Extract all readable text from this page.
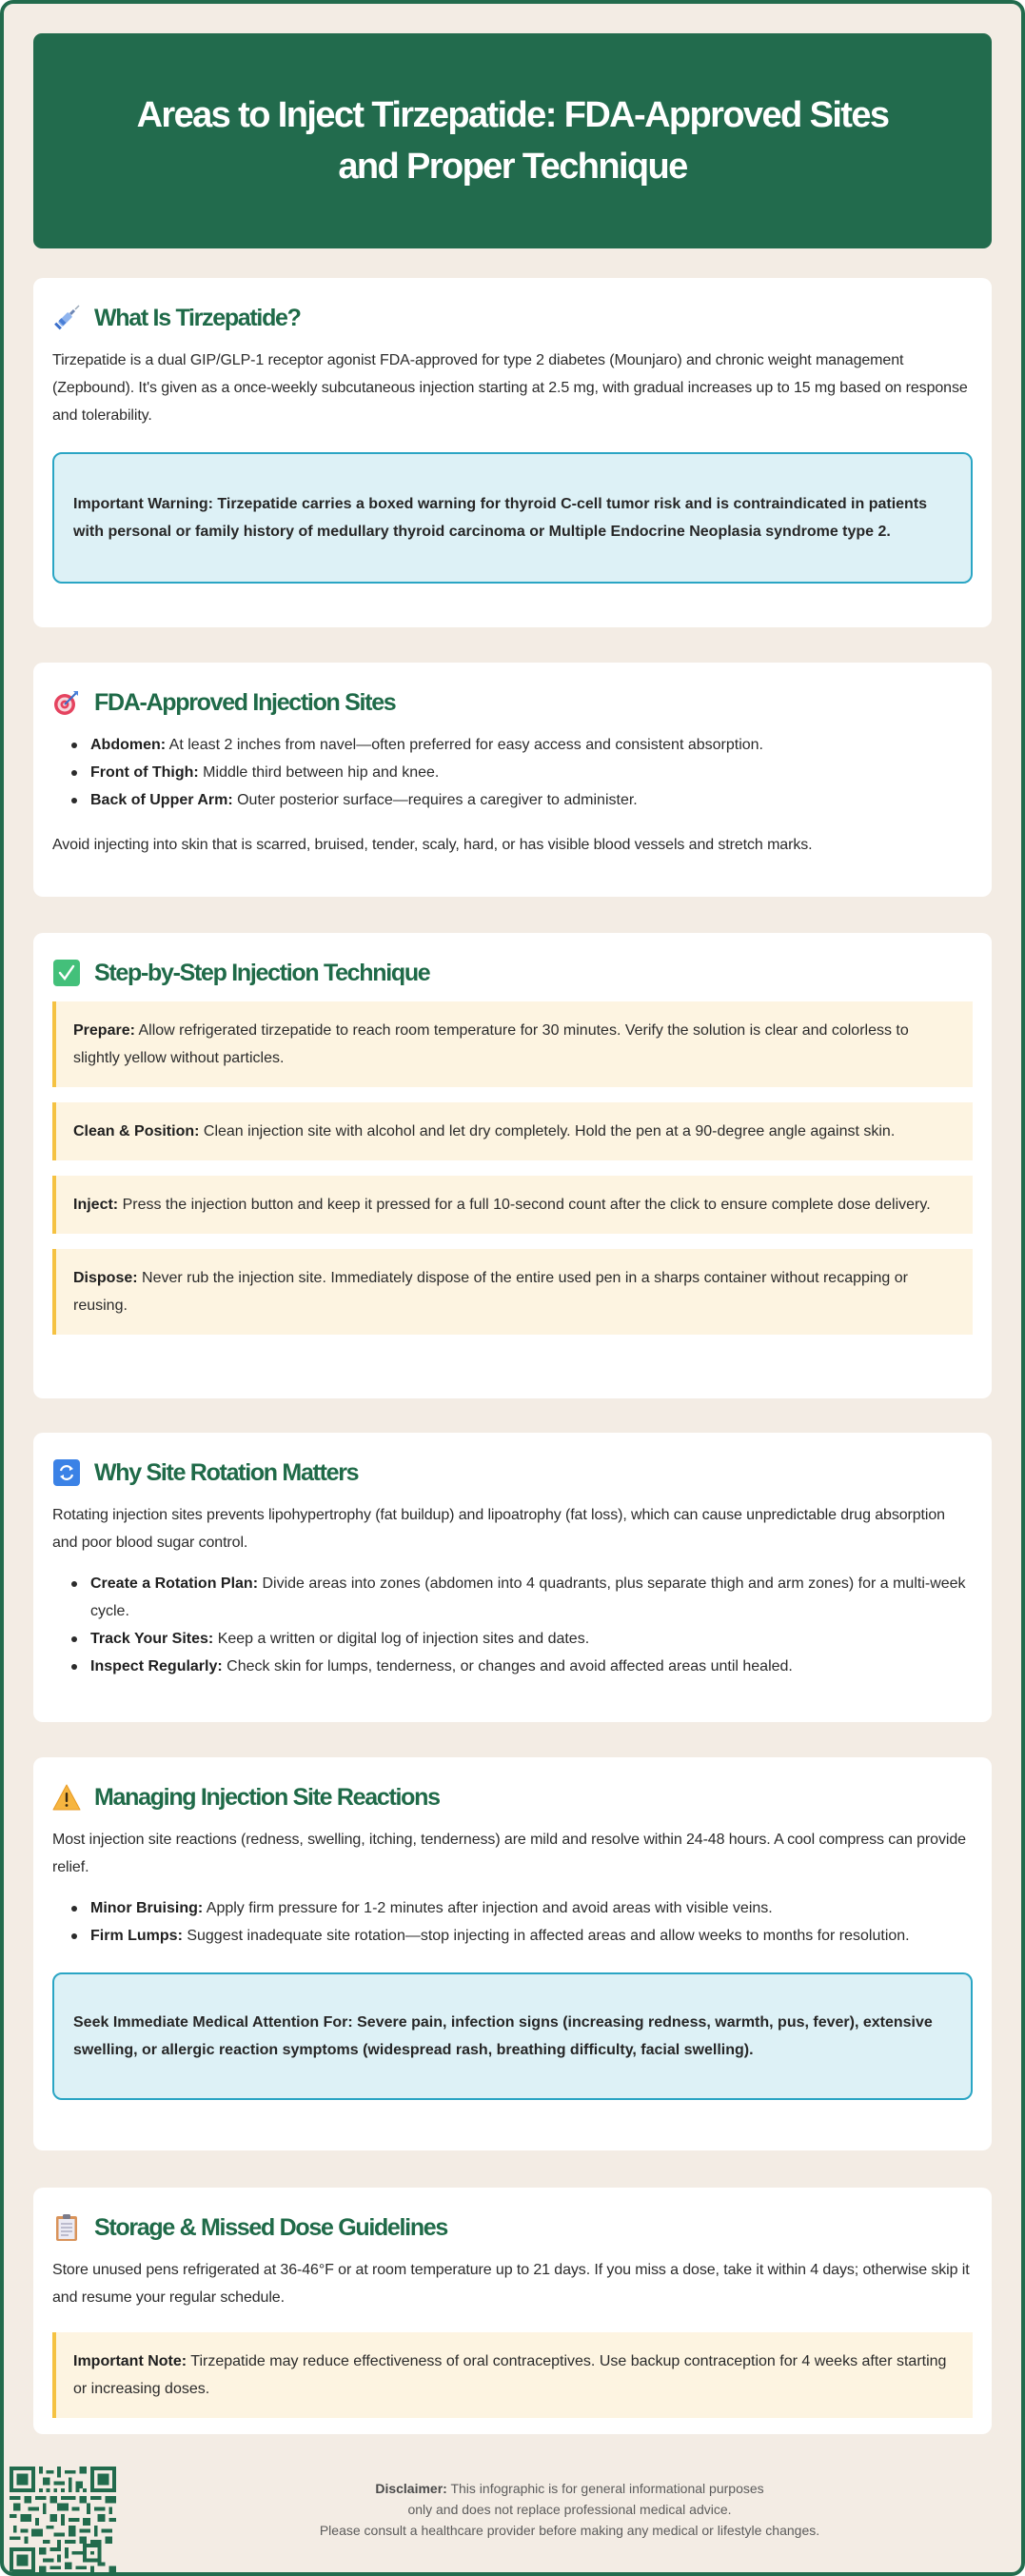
Areas to Inject Tirzepatide: FDA-Approved Sites and Proper Technique
What Is Tirzepatide?

Tirzepatide is a dual GIP/GLP-1 receptor agonist FDA-approved for type 2 diabetes (Mounjaro) and chronic weight management (Zepbound). It's given as a once-weekly subcutaneous injection starting at 2.5 mg, with gradual increases up to 15 mg based on response and tolerability.

Important Warning: Tirzepatide carries a boxed warning for thyroid C-cell tumor risk and is contraindicated in patients with personal or family history of medullary thyroid carcinoma or Multiple Endocrine Neoplasia syndrome type 2.
FDA-Approved Injection Sites
Abdomen: At least 2 inches from navel—often preferred for easy access and consistent absorption.
Front of Thigh: Middle third between hip and knee.
Back of Upper Arm: Outer posterior surface—requires a caregiver to administer.

Avoid injecting into skin that is scarred, bruised, tender, scaly, hard, or has visible blood vessels and stretch marks.

Step-by-Step Injection Technique
Prepare: Allow refrigerated tirzepatide to reach room temperature for 30 minutes. Verify the solution is clear and colorless to slightly yellow without particles.
Clean & Position: Clean injection site with alcohol and let dry completely. Hold the pen at a 90-degree angle against skin.
Inject: Press the injection button and keep it pressed for a full 10-second count after the click to ensure complete dose delivery.
Dispose: Never rub the injection site. Immediately dispose of the entire used pen in a sharps container without recapping or reusing.
Why Site Rotation Matters

Rotating injection sites prevents lipohypertrophy (fat buildup) and lipoatrophy (fat loss), which can cause unpredictable drug absorption and poor blood sugar control.

Create a Rotation Plan: Divide areas into zones (abdomen into 4 quadrants, plus separate thigh and arm zones) for a multi-week cycle.
Track Your Sites: Keep a written or digital log of injection sites and dates.
Inspect Regularly: Check skin for lumps, tenderness, or changes and avoid affected areas until healed.
Managing Injection Site Reactions

Most injection site reactions (redness, swelling, itching, tenderness) are mild and resolve within 24-48 hours. A cool compress can provide relief.

Minor Bruising: Apply firm pressure for 1-2 minutes after injection and avoid areas with visible veins.
Firm Lumps: Suggest inadequate site rotation—stop injecting in affected areas and allow weeks to months for resolution.
Seek Immediate Medical Attention For: Severe pain, infection signs (increasing redness, warmth, pus, fever), extensive swelling, or allergic reaction symptoms (widespread rash, breathing difficulty, facial swelling).
Storage & Missed Dose Guidelines

Store unused pens refrigerated at 36-46°F or at room temperature up to 21 days. If you miss a dose, take it within 4 days; otherwise skip it and resume your regular schedule.

Important Note: Tirzepatide may reduce effectiveness of oral contraceptives. Use backup contraception for 4 weeks after starting or increasing doses.
Disclaimer: This infographic is for general informational purposes
only and does not replace professional medical advice.
Please consult a healthcare provider before making any medical or lifestyle changes.
